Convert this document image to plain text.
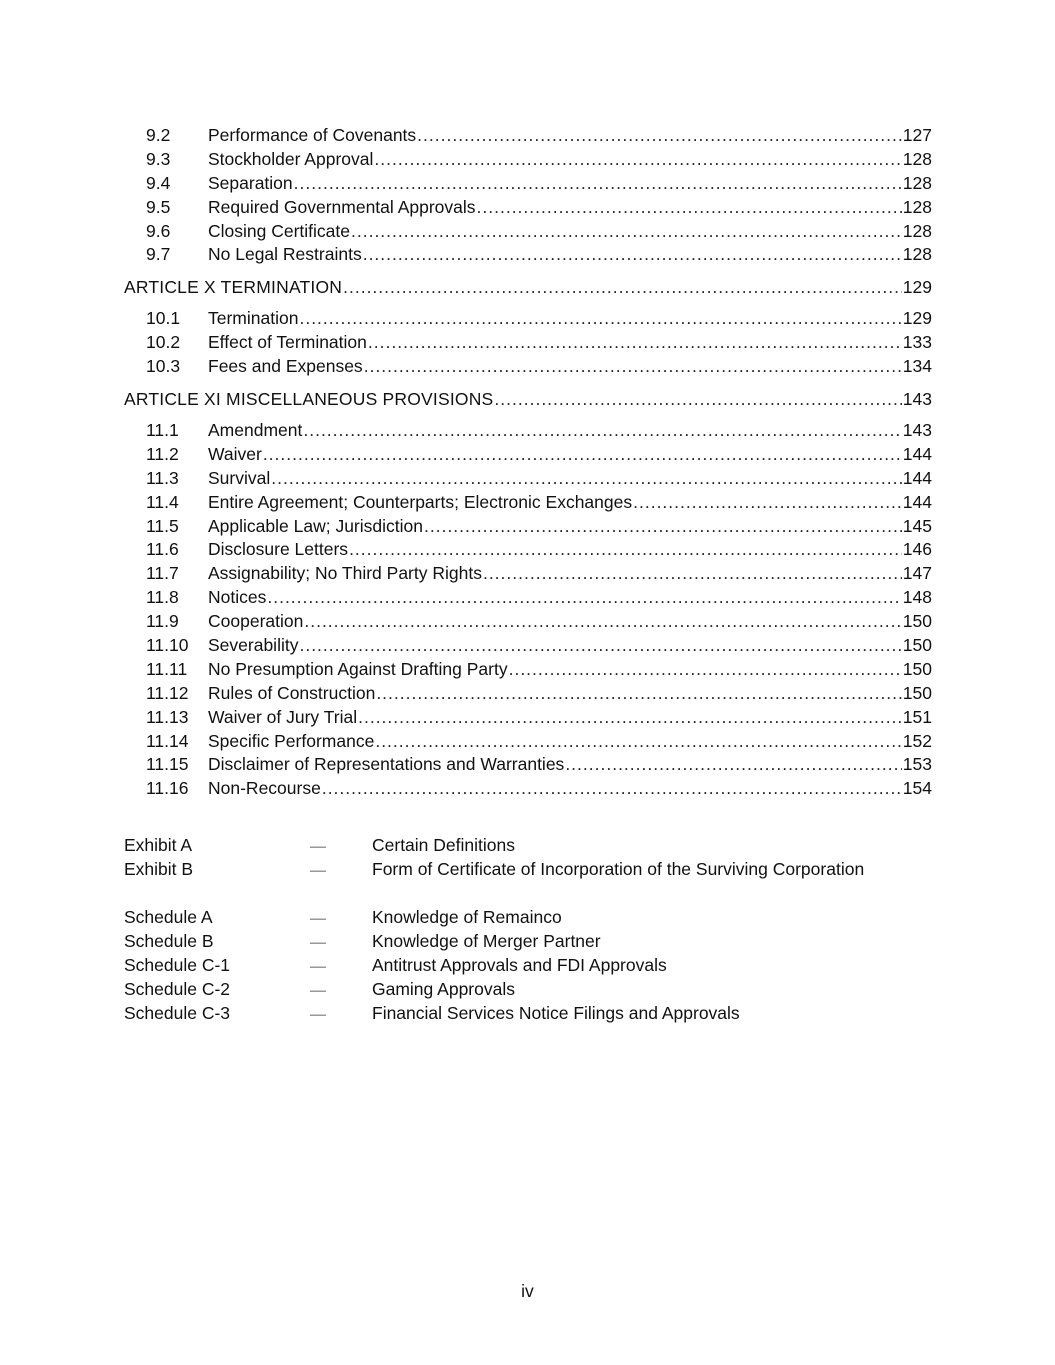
9.2	Performance of Covenants .....	127
9.3	Stockholder Approval .....	128
9.4	Separation .....	128
9.5	Required Governmental Approvals .....	128
9.6	Closing Certificate .....	128
9.7	No Legal Restraints .....	128
ARTICLE X TERMINATION .....	129
10.1	Termination .....	129
10.2	Effect of Termination .....	133
10.3	Fees and Expenses .....	134
ARTICLE XI MISCELLANEOUS PROVISIONS .....	143
11.1	Amendment .....	143
11.2	Waiver .....	144
11.3	Survival .....	144
11.4	Entire Agreement; Counterparts; Electronic Exchanges .....	144
11.5	Applicable Law; Jurisdiction .....	145
11.6	Disclosure Letters .....	146
11.7	Assignability; No Third Party Rights .....	147
11.8	Notices .....	148
11.9	Cooperation .....	150
11.10	Severability .....	150
11.11	No Presumption Against Drafting Party .....	150
11.12	Rules of Construction .....	150
11.13	Waiver of Jury Trial .....	151
11.14	Specific Performance .....	152
11.15	Disclaimer of Representations and Warranties .....	153
11.16	Non-Recourse .....	154
Exhibit A	—	Certain Definitions
Exhibit B	—	Form of Certificate of Incorporation of the Surviving Corporation
Schedule A	—	Knowledge of Remainco
Schedule B	—	Knowledge of Merger Partner
Schedule C-1	—	Antitrust Approvals and FDI Approvals
Schedule C-2	—	Gaming Approvals
Schedule C-3	—	Financial Services Notice Filings and Approvals
iv
